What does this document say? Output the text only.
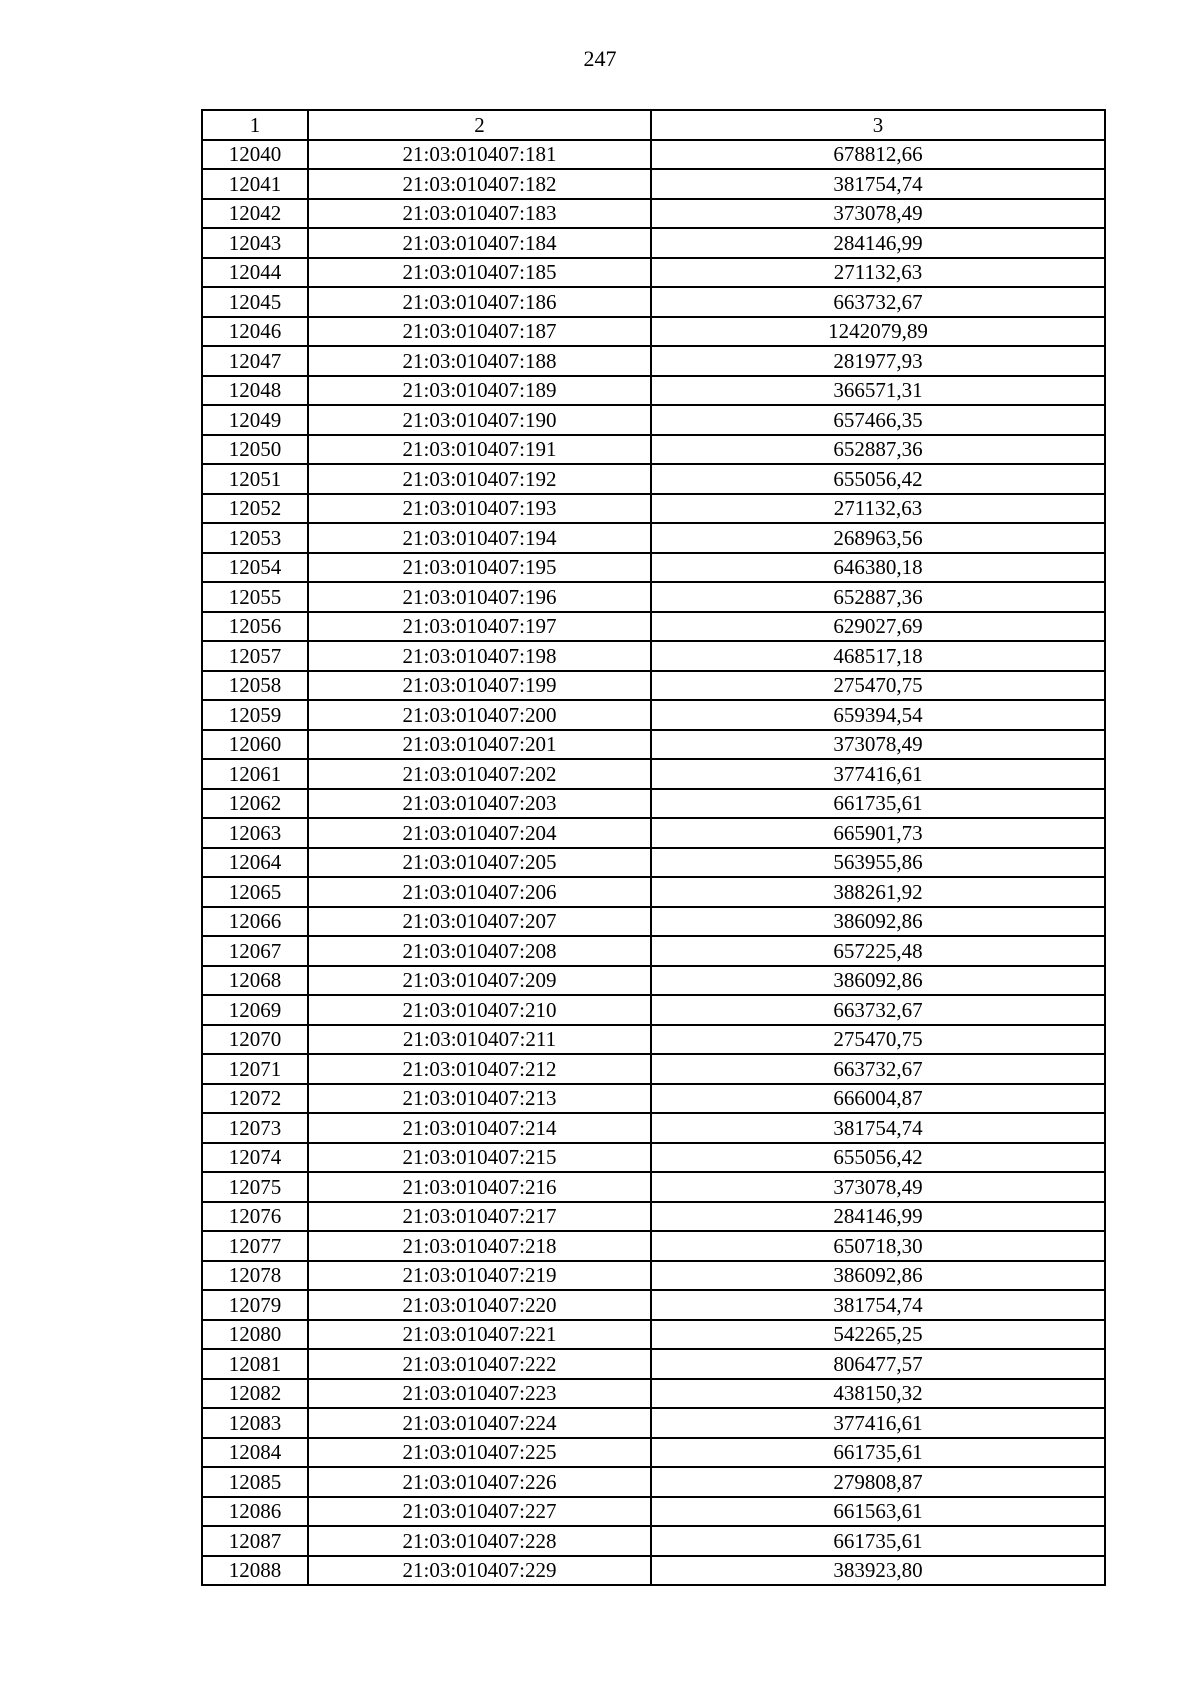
247
1	2	3
12040	21:03:010407:181	678812,66
12041	21:03:010407:182	381754,74
12042	21:03:010407:183	373078,49
12043	21:03:010407:184	284146,99
12044	21:03:010407:185	271132,63
12045	21:03:010407:186	663732,67
12046	21:03:010407:187	1242079,89
12047	21:03:010407:188	281977,93
12048	21:03:010407:189	366571,31
12049	21:03:010407:190	657466,35
12050	21:03:010407:191	652887,36
12051	21:03:010407:192	655056,42
12052	21:03:010407:193	271132,63
12053	21:03:010407:194	268963,56
12054	21:03:010407:195	646380,18
12055	21:03:010407:196	652887,36
12056	21:03:010407:197	629027,69
12057	21:03:010407:198	468517,18
12058	21:03:010407:199	275470,75
12059	21:03:010407:200	659394,54
12060	21:03:010407:201	373078,49
12061	21:03:010407:202	377416,61
12062	21:03:010407:203	661735,61
12063	21:03:010407:204	665901,73
12064	21:03:010407:205	563955,86
12065	21:03:010407:206	388261,92
12066	21:03:010407:207	386092,86
12067	21:03:010407:208	657225,48
12068	21:03:010407:209	386092,86
12069	21:03:010407:210	663732,67
12070	21:03:010407:211	275470,75
12071	21:03:010407:212	663732,67
12072	21:03:010407:213	666004,87
12073	21:03:010407:214	381754,74
12074	21:03:010407:215	655056,42
12075	21:03:010407:216	373078,49
12076	21:03:010407:217	284146,99
12077	21:03:010407:218	650718,30
12078	21:03:010407:219	386092,86
12079	21:03:010407:220	381754,74
12080	21:03:010407:221	542265,25
12081	21:03:010407:222	806477,57
12082	21:03:010407:223	438150,32
12083	21:03:010407:224	377416,61
12084	21:03:010407:225	661735,61
12085	21:03:010407:226	279808,87
12086	21:03:010407:227	661563,61
12087	21:03:010407:228	661735,61
12088	21:03:010407:229	383923,80
